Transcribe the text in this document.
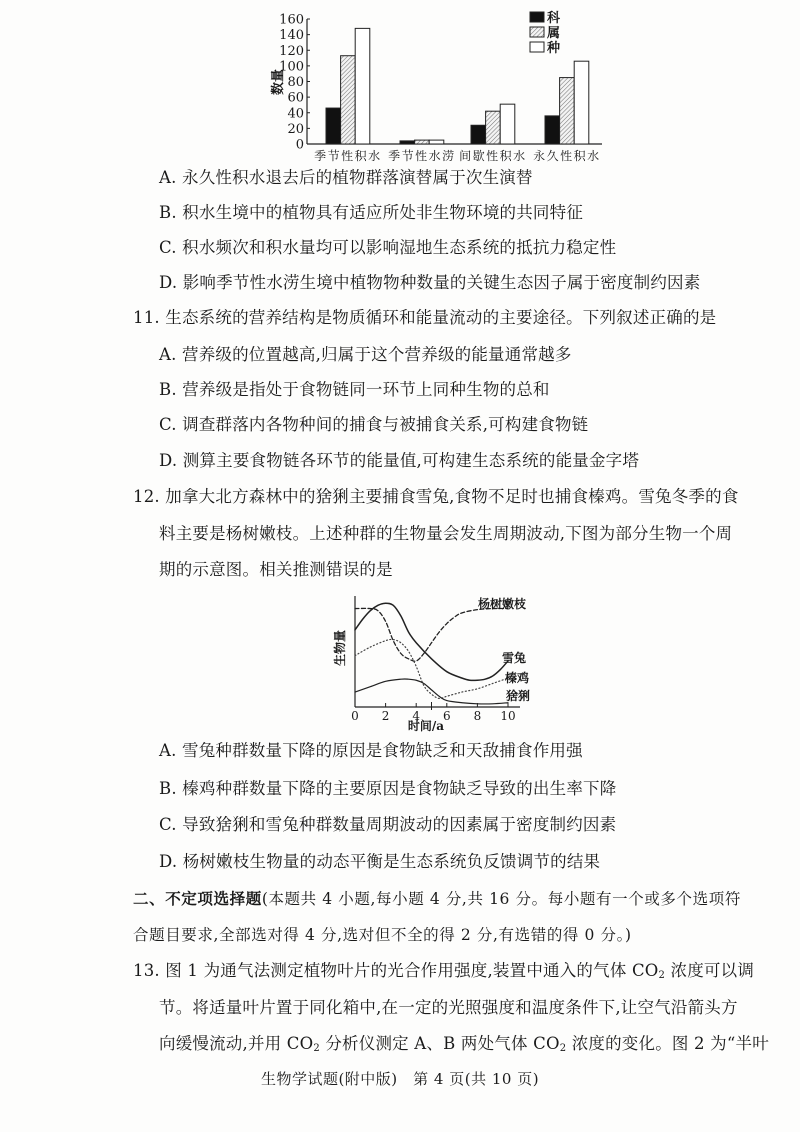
0
20
40
60
80
100
120
140
160
季节性积水 季节性水涝 间歇性积水 永久性积水
科
属
种
数量
A. 永久性积水退去后的植物群落演替属于次生演替
B. 积水生境中的植物具有适应所处非生物环境的共同特征
C. 积水频次和积水量均可以影响湿地生态系统的抵抗力稳定性
D. 影响季节性水涝生境中植物物种数量的关键生态因子属于密度制约因素
11. 生态系统的营养结构是物质循环和能量流动的主要途径。下列叙述正确的是
A. 营养级的位置越高,归属于这个营养级的能量通常越多
B. 营养级是指处于食物链同一环节上同种生物的总和
C. 调查群落内各物种间的捕食与被捕食关系,可构建食物链
D. 测算主要食物链各环节的能量值,可构建生态系统的能量金字塔
12. 加拿大北方森林中的猞猁主要捕食雪兔,食物不足时也捕食榛鸡。雪兔冬季的食
料主要是杨树嫩枝。上述种群的生物量会发生周期波动,下图为部分生物一个周
期的示意图。相关推测错误的是
0 2 4 6 8 10
生物量
时间/a
杨树嫩枝
雪兔
榛鸡
猞猁
A. 雪兔种群数量下降的原因是食物缺乏和天敌捕食作用强
B. 榛鸡种群数量下降的主要原因是食物缺乏导致的出生率下降
C. 导致猞猁和雪兔种群数量周期波动的因素属于密度制约因素
D. 杨树嫩枝生物量的动态平衡是生态系统负反馈调节的结果
二、不定项选择题(本题共 4 小题,每小题 4 分,共 16 分。每小题有一个或多个选项符
合题目要求,全部选对得 4 分,选对但不全的得 2 分,有选错的得 0 分。)
13. 图 1 为通气法测定植物叶片的光合作用强度,装置中通入的气体 $CO_2$ 浓度可以调
节。将适量叶片置于同化箱中,在一定的光照强度和温度条件下,让空气沿箭头方
向缓慢流动,并用 $CO_2$ 分析仪测定 A、B 两处气体 $CO_2$ 浓度的变化。图 2 为“半叶
生物学试题(附中版)　第 4 页(共 10 页)
